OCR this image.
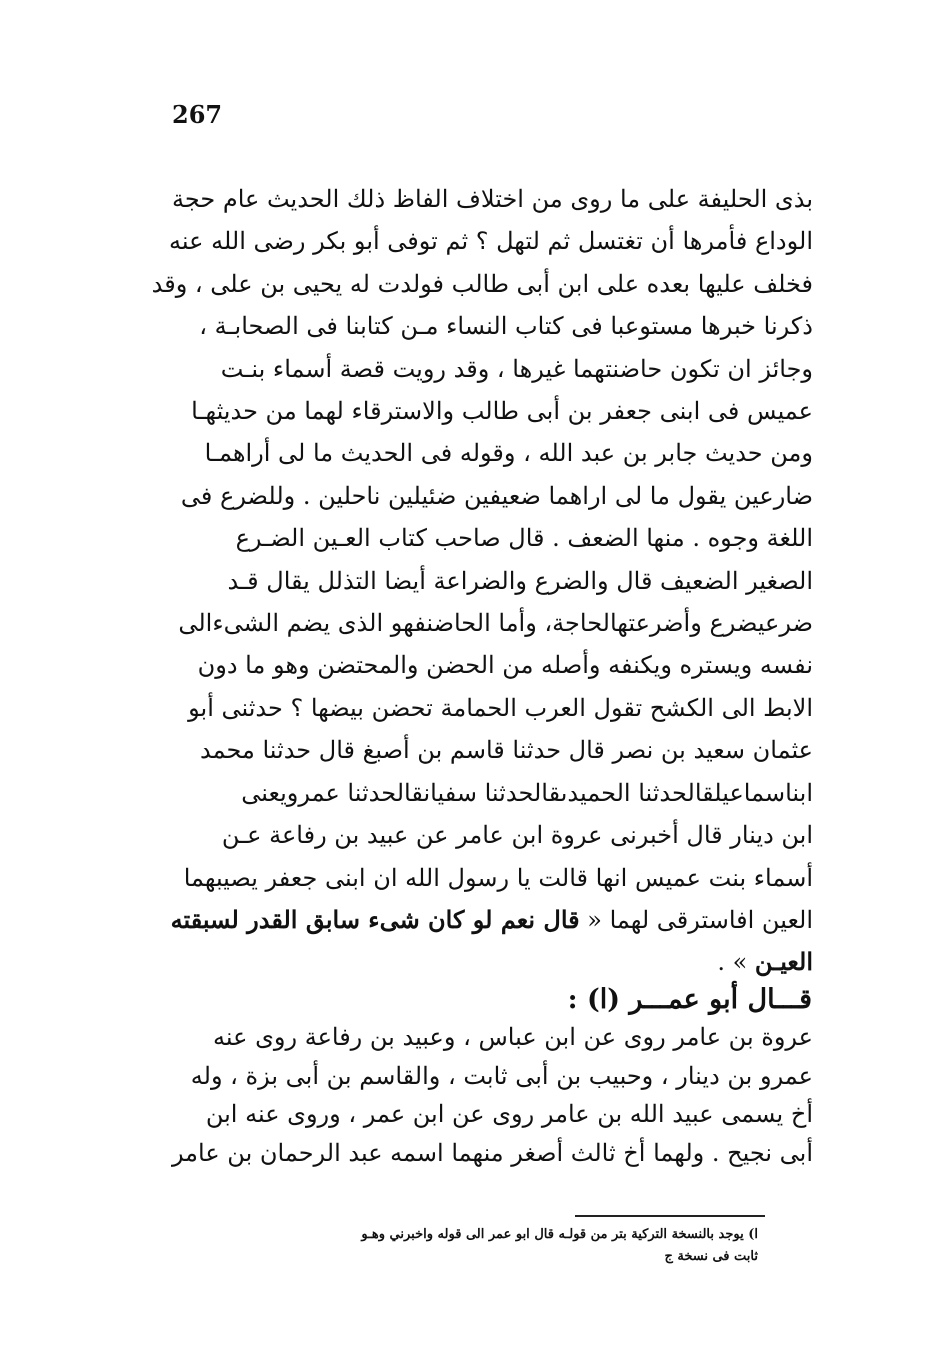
267
بذى الحليفة على ما روى من اختلاف الفاظ ذلك الحديث عام حجة
الوداع فأمرها أن تغتسل ثم لتهل ؟ ثم توفى أبو بكر رضى الله عنه
فخلف عليها بعده على ابن أبى طالب فولدت له يحيى بن على ، وقد
ذكرنا خبرها مستوعبا فى كتاب النساء مـن كتابنا فى الصحابـة ،
وجائز ان تكون حاضنتهما غيرها ، وقد رويت قصة أسماء بنـت
عميس فى ابنى جعفر بن أبى طالب والاسترقاء لهما من حديثهـا
ومن حديث جابر بن عبد الله ، وقوله فى الحديث ما لى أراهمـا
ضارعين يقول ما لى اراهما ضعيفين ضئيلين ناحلين . وللضرع فى
اللغة وجوه . منها الضعف . قال صاحب كتاب العـين الضـرع
الصغير الضعيف قال والضرع والضراعة أيضا التذلل يقال قـد
ضرعيضرع وأضرعتهالحاجة، وأما الحاضنفهو الذى يضم الشىءالى
نفسه ويستره ويكنفه وأصله من الحضن والمحتضن وهو ما دون
الابط الى الكشح تقول العرب الحمامة تحضن بيضها ؟ حدثنى أبو
عثمان سعيد بن نصر قال حدثنا قاسم بن أصبغ قال حدثنا محمد
ابناسماعيلقالحدثنا الحميدىقالحدثنا سفيانقالحدثنا عمرويعنى
ابن دينار قال أخبرنى عروة ابن عامر عن عبيد بن رفاعة عـن
أسماء بنت عميس انها قالت يا رسول الله ان ابنى جعفر يصيبهما
العين افاسترقى لهما « قال نعم لو كان شىء سابق القدر لسبقته
العيـن » .
قـــال أبو عمـــر (ا) :
عروة بن عامر روى عن ابن عباس ، وعبيد بن رفاعة روى عنه
عمرو بن دينار ، وحبيب بن أبى ثابت ، والقاسم بن أبى بزة ، وله
أخ يسمى عبيد الله بن عامر روى عن ابن عمر ، وروى عنه ابن
أبى نجيح . ولهما أخ ثالث أصغر منهما اسمه عبد الرحمان بن عامر
ا) يوجد بالنسخة التركية بتر من قولـه قال ابو عمر الى قوله واخبرني وهـو
ثابت فى نسخة ج
